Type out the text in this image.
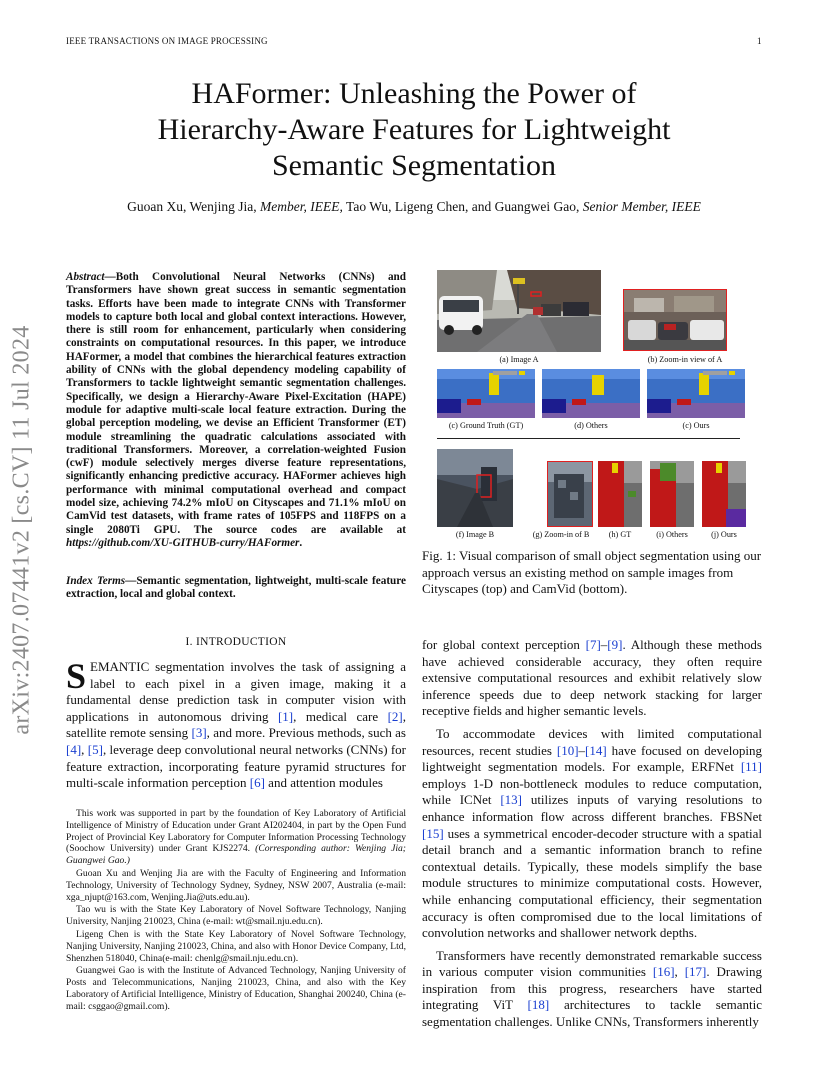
IEEE TRANSACTIONS ON IMAGE PROCESSING	1
arXiv:2407.07441v2 [cs.CV] 11 Jul 2024
HAFormer: Unleashing the Power of
Hierarchy-Aware Features for Lightweight
Semantic Segmentation
Guoan Xu, Wenjing Jia, Member, IEEE, Tao Wu, Ligeng Chen, and Guangwei Gao, Senior Member, IEEE
Abstract—Both Convolutional Neural Networks (CNNs) and Transformers have shown great success in semantic segmentation tasks. Efforts have been made to integrate CNNs with Transformer models to capture both local and global context interactions. However, there is still room for enhancement, particularly when considering constraints on computational resources. In this paper, we introduce HAFormer, a model that combines the hierarchical features extraction ability of CNNs with the global dependency modeling capability of Transformers to tackle lightweight semantic segmentation challenges. Specifically, we design a Hierarchy-Aware Pixel-Excitation (HAPE) module for adaptive multi-scale local feature extraction. During the global perception modeling, we devise an Efficient Transformer (ET) module streamlining the quadratic calculations associated with traditional Transformers. Moreover, a correlation-weighted Fusion (cwF) module selectively merges diverse feature representations, significantly enhancing predictive accuracy. HAFormer achieves high performance with minimal computational overhead and compact model size, achieving 74.2% mIoU on Cityscapes and 71.1% mIoU on CamVid test datasets, with frame rates of 105FPS and 118FPS on a single 2080Ti GPU. The source codes are available at https://github.com/XU-GITHUB-curry/HAFormer.
Index Terms—Semantic segmentation, lightweight, multi-scale feature extraction, local and global context.
I. INTRODUCTION
SEMANTIC segmentation involves the task of assigning a label to each pixel in a given image, making it a fundamental dense prediction task in computer vision with applications in autonomous driving [1], medical care [2], satellite remote sensing [3], and more. Previous methods, such as [4], [5], leverage deep convolutional neural networks (CNNs) for feature extraction, incorporating feature pyramid structures for multi-scale information perception [6] and attention modules

This work was supported in part by the foundation of Key Laboratory of Artificial Intelligence of Ministry of Education under Grant AI202404, in part by the Open Fund Project of Provincial Key Laboratory for Computer Information Processing Technology (Soochow University) under Grant KJS2274. (Corresponding author: Wenjing Jia; Guangwei Gao.)

Guoan Xu and Wenjing Jia are with the Faculty of Engineering and Information Technology, University of Technology Sydney, Sydney, NSW 2007, Australia (e-mail: xga_njupt@163.com, Wenjing.Jia@uts.edu.au).

Tao wu is with the State Key Laboratory of Novel Software Technology, Nanjing University, Nanjing 210023, China (e-mail: wt@smail.nju.edu.cn).

Ligeng Chen is with the State Key Laboratory of Novel Software Technology, Nanjing University, Nanjing 210023, China, and also with Honor Device Company, Ltd, Shenzhen 518040, China(e-mail: chenlg@smail.nju.edu.cn).

Guangwei Gao is with the Institute of Advanced Technology, Nanjing University of Posts and Telecommunications, Nanjing 210023, China, and also with the Key Laboratory of Artificial Intelligence, Ministry of Education, Shanghai 200240, China (e-mail: csggao@gmail.com).

(a) Image A	(b) Zoom-in view of A
(c) Ground Truth (GT)	(d) Others	(c) Ours
(f) Image B	(g) Zoom-in of B	(h) GT	(i) Others	(j) Ours
Fig. 1: Visual comparison of small object segmentation using our approach versus an existing method on sample images from Cityscapes (top) and CamVid (bottom).

for global context perception [7]–[9]. Although these methods have achieved considerable accuracy, they often require extensive computational resources and exhibit relatively slow inference speeds due to deep network stacking for larger receptive fields and higher semantic levels.

To accommodate devices with limited computational resources, recent studies [10]–[14] have focused on developing lightweight segmentation models. For example, ERFNet [11] employs 1-D non-bottleneck modules to reduce computation, while ICNet [13] utilizes inputs of varying resolutions to enhance information flow across different branches. FBSNet [15] uses a symmetrical encoder-decoder structure with a spatial detail branch and a semantic information branch to refine contextual details. Typically, these models simplify the base module structures to minimize computational costs. However, while enhancing computational efficiency, their segmentation accuracy is often compromised due to the local limitations of convolution networks and shallower network depths.

Transformers have recently demonstrated remarkable success in various computer vision communities [16], [17]. Drawing inspiration from this progress, researchers have started integrating ViT [18] architectures to tackle semantic segmentation challenges. Unlike CNNs, Transformers inherently
